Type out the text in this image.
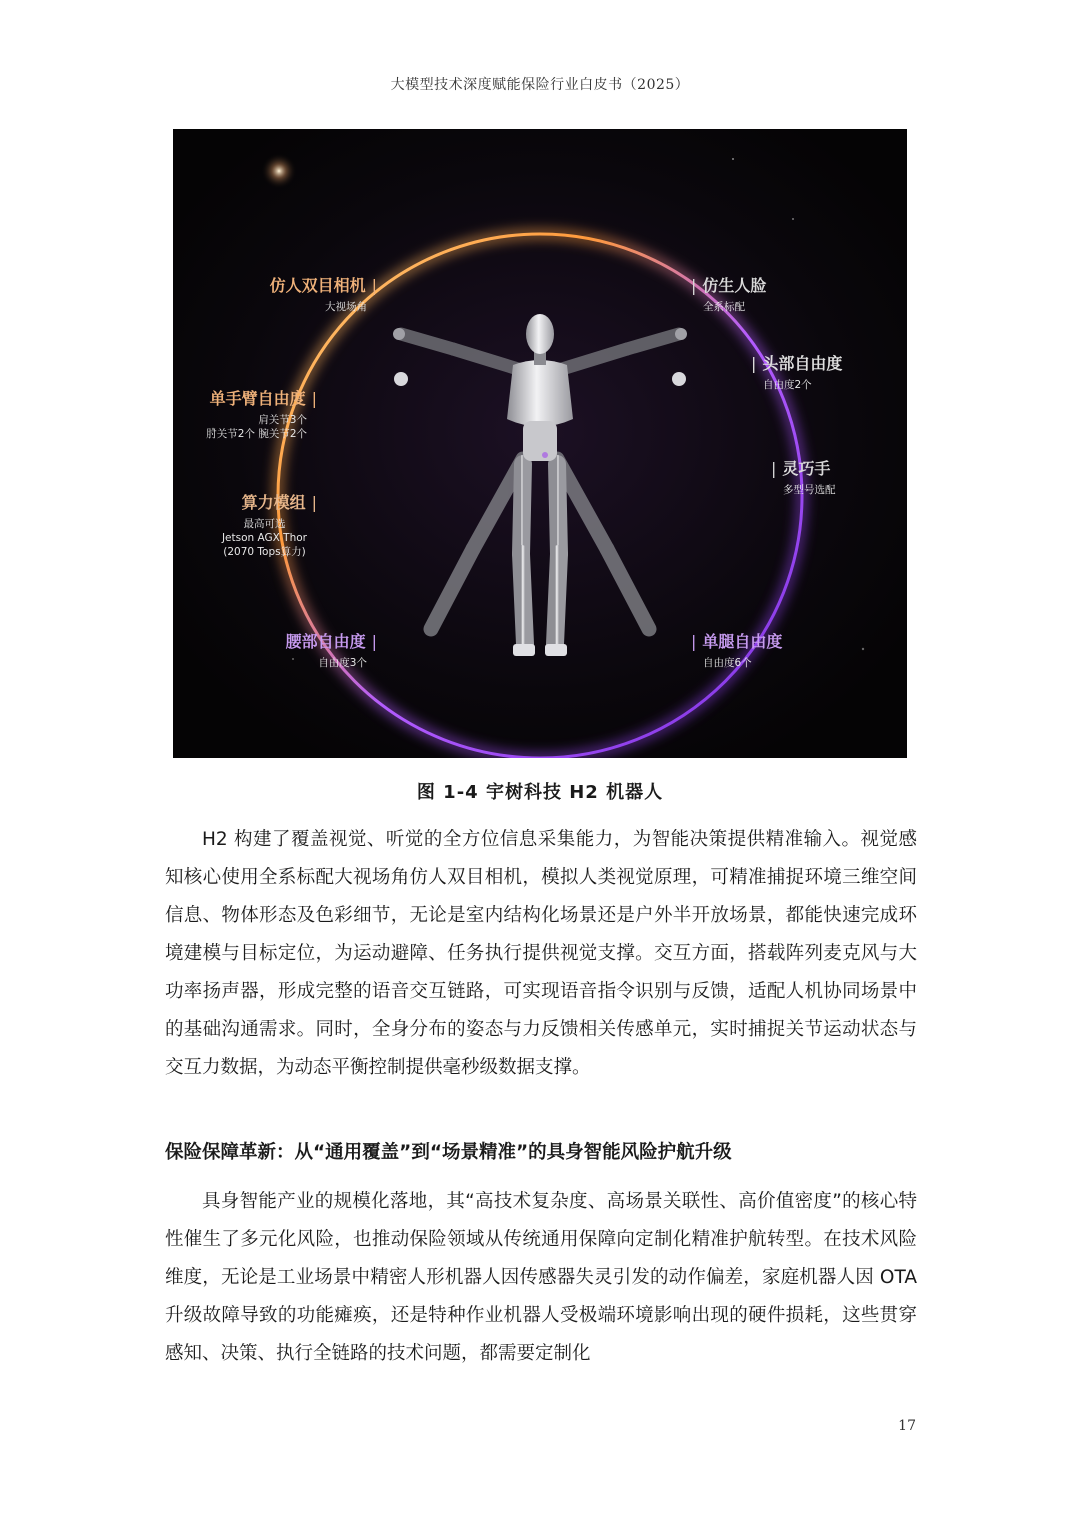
大模型技术深度赋能保险行业白皮书（2025）
仿人双目相机 |
大视场角
单手臂自由度 |
肩关节3个
肘关节2个 腕关节2个
算力模组 |
最高可选
Jetson AGX Thor
(2070 Tops算力)
腰部自由度 |
自由度3个
| 仿生人脸
全系标配
| 头部自由度
自由度2个
| 灵巧手
多型号选配
| 单腿自由度
自由度6个
图 1-4 宇树科技 H2 机器人

H2 构建了覆盖视觉、听觉的全方位信息采集能力，为智能决策提供精准输入。视觉感知核心使用全系标配大视场角仿人双目相机，模拟人类视觉原理，可精准捕捉环境三维空间信息、物体形态及色彩细节，无论是室内结构化场景还是户外半开放场景，都能快速完成环境建模与目标定位，为运动避障、任务执行提供视觉支撑。交互方面，搭载阵列麦克风与大功率扬声器，形成完整的语音交互链路，可实现语音指令识别与反馈，适配人机协同场景中的基础沟通需求。同时，全身分布的姿态与力反馈相关传感单元，实时捕捉关节运动状态与交互力数据，为动态平衡控制提供毫秒级数据支撑。

保险保障革新：从“通用覆盖”到“场景精准”的具身智能风险护航升级

具身智能产业的规模化落地，其“高技术复杂度、高场景关联性、高价值密度”的核心特性催生了多元化风险，也推动保险领域从传统通用保障向定制化精准护航转型。在技术风险维度，无论是工业场景中精密人形机器人因传感器失灵引发的动作偏差，家庭机器人因 OTA 升级故障导致的功能瘫痪，还是特种作业机器人受极端环境影响出现的硬件损耗，这些贯穿感知、决策、执行全链路的技术问题，都需要定制化

17
